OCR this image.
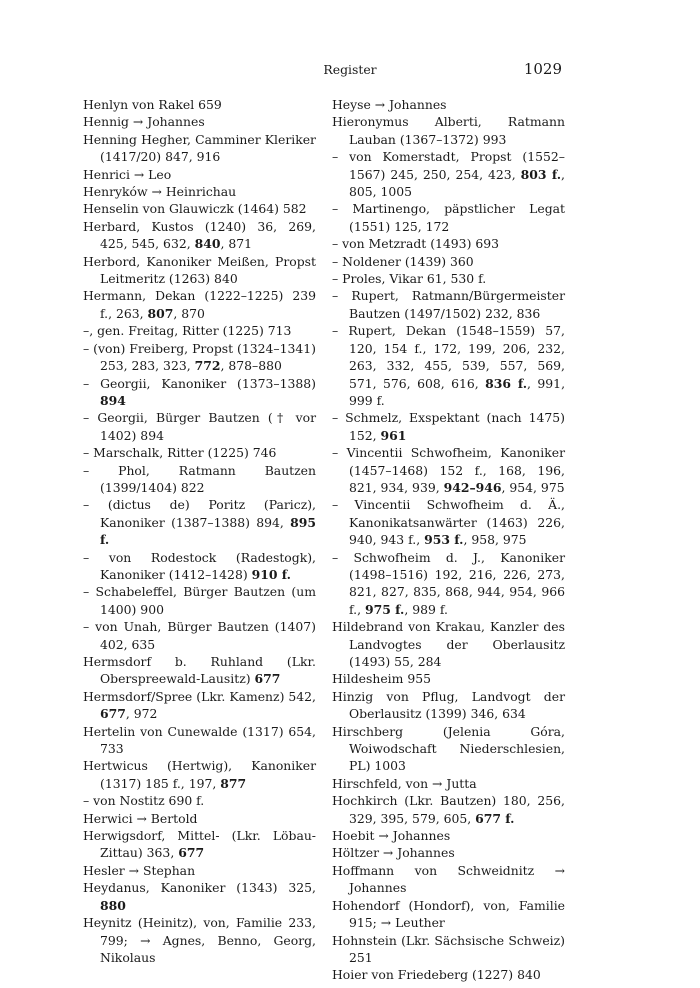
Register	1029

Henlyn von Rakel 659

Hennig → Johannes

Henning Hegher, Camminer Kleriker (1417/20) 847, 916

Henrici → Leo

Henryków → Heinrichau

Henselin von Glauwiczk (1464) 582

Herbard, Kustos (1240) 36, 269, 425, 545, 632, 840, 871

Herbord, Kanoniker Meißen, Propst Leitmeritz (1263) 840

Hermann, Dekan (1222–1225) 239 f., 263, 807, 870

–, gen. Freitag, Ritter (1225) 713

– (von) Freiberg, Propst (1324–1341) 253, 283, 323, 772, 878–880

– Georgii, Kanoniker (1373–1388) 894

– Georgii, Bürger Bautzen († vor 1402) 894

– Marschalk, Ritter (1225) 746

– Phol, Ratmann Bautzen (1399/1404) 822

– (dictus de) Poritz (Paricz), Kanoniker (1387–1388) 894, 895 f.

– von Rodestock (Radestogk), Kanoniker (1412–1428) 910 f.

– Schabeleffel, Bürger Bautzen (um 1400) 900

– von Unah, Bürger Bautzen (1407) 402, 635

Hermsdorf b. Ruhland (Lkr. Oberspreewald-Lausitz) 677

Hermsdorf/Spree (Lkr. Kamenz) 542, 677, 972

Hertelin von Cunewalde (1317) 654, 733

Hertwicus (Hertwig), Kanoniker (1317) 185 f., 197, 877

– von Nostitz 690 f.

Herwici → Bertold

Herwigsdorf, Mittel- (Lkr. Löbau-Zittau) 363, 677

Hesler → Stephan

Heydanus, Kanoniker (1343) 325, 880

Heynitz (Heinitz), von, Familie 233, 799; → Agnes, Benno, Georg, Nikolaus

Heyse → Johannes

Hieronymus Alberti, Ratmann Lauban (1367–1372) 993

– von Komerstadt, Propst (1552–1567) 245, 250, 254, 423, 803 f., 805, 1005

– Martinengo, päpstlicher Legat (1551) 125, 172

– von Metzradt (1493) 693

– Noldener (1439) 360

– Proles, Vikar 61, 530 f.

– Rupert, Ratmann/Bürgermeister Bautzen (1497/1502) 232, 836

– Rupert, Dekan (1548–1559) 57, 120, 154 f., 172, 199, 206, 232, 263, 332, 455, 539, 557, 569, 571, 576, 608, 616, 836 f., 991, 999 f.

– Schmelz, Exspektant (nach 1475) 152, 961

– Vincentii Schwofheim, Kanoniker (1457–1468) 152 f., 168, 196, 821, 934, 939, 942–946, 954, 975

– Vincentii Schwofheim d. Ä., Kanonikatsanwärter (1463) 226, 940, 943 f., 953 f., 958, 975

– Schwofheim d. J., Kanoniker (1498–1516) 192, 216, 226, 273, 821, 827, 835, 868, 944, 954, 966 f., 975 f., 989 f.

Hildebrand von Krakau, Kanzler des Landvogtes der Oberlausitz (1493) 55, 284

Hildesheim 955

Hinzig von Pflug, Landvogt der Oberlausitz (1399) 346, 634

Hirschberg (Jelenia Góra, Woiwodschaft Niederschlesien, PL) 1003

Hirschfeld, von → Jutta

Hochkirch (Lkr. Bautzen) 180, 256, 329, 395, 579, 605, 677 f.

Hoebit → Johannes

Höltzer → Johannes

Hoffmann von Schweidnitz → Johannes

Hohendorf (Hondorf), von, Familie 915; → Leuther

Hohnstein (Lkr. Sächsische Schweiz) 251

Hoier von Friedeberg (1227) 840
